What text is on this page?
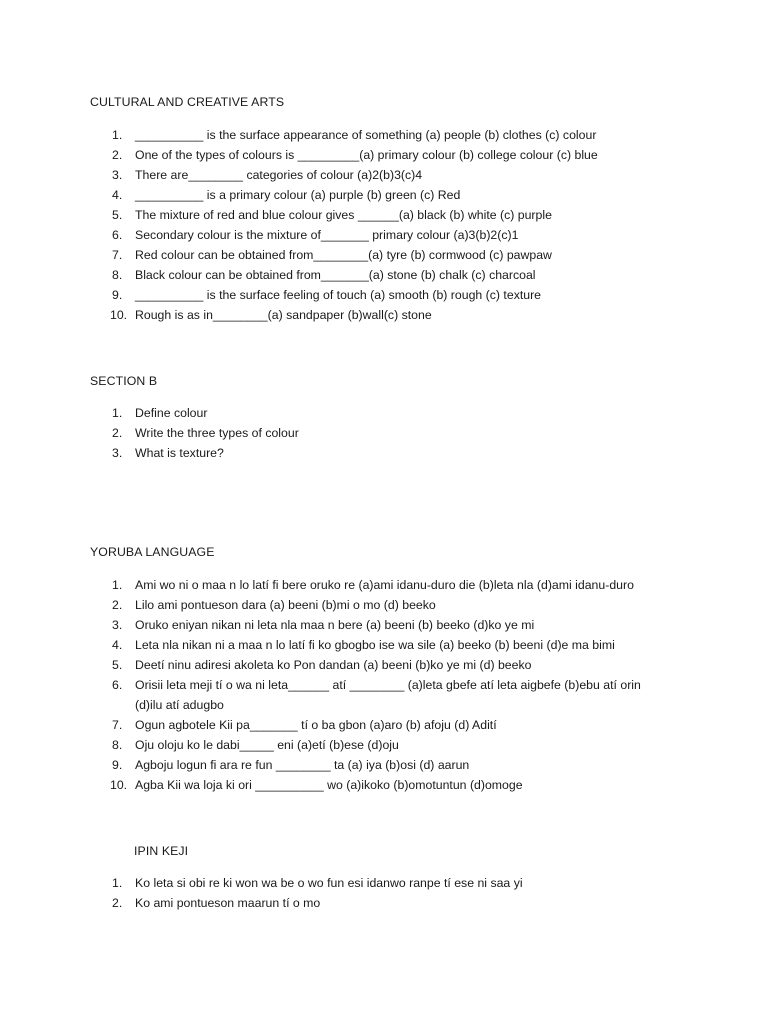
CULTURAL AND CREATIVE ARTS
1.	__________ is the surface appearance of something (a) people (b) clothes (c) colour
2.	One of the types of colours is _________(a) primary colour (b) college colour (c) blue
3.	There are________ categories of colour (a)2(b)3(c)4
4.	__________ is a primary colour (a) purple (b) green (c) Red
5.	The mixture of red and blue colour gives ______(a) black (b) white (c) purple
6.	Secondary colour is the mixture of_______ primary colour (a)3(b)2(c)1
7.	Red colour can be obtained from________(a) tyre (b) cormwood (c) pawpaw
8.	Black colour can be obtained from_______(a) stone (b) chalk (c) charcoal
9.	__________ is the surface feeling of touch (a) smooth (b) rough (c) texture
10. Rough is as in________(a) sandpaper (b)wall(c) stone
SECTION B
1.	Define colour
2.	Write the three types of colour
3.	What is texture?
YORUBA LANGUAGE
1.	Ami wo ni o maa n lo latí fi bere oruko re (a)ami idanu-duro die (b)leta nla (d)ami idanu-duro
2.	Lilo ami pontueson dara (a) beeni (b)mi o mo (d) beeko
3.	Oruko eniyan nikan ni leta nla maa n bere (a) beeni (b) beeko (d)ko ye mi
4.	Leta nla nikan ni a maa n lo latí fi ko gbogbo ise wa sile (a) beeko (b) beeni (d)e ma bimi
5.	Deetí ninu adiresi akoleta ko Pon dandan (a) beeni (b)ko ye mi (d) beeko
6.	Orisii leta meji tí o wa ni leta______ atí ________ (a)leta gbefe atí leta aigbefe (b)ebu atí orin
(d)ilu atí adugbo
7.	Ogun agbotele Kii pa_______ tí o ba gbon (a)aro (b) afoju (d) Adití
8.	Oju oloju ko le dabi_____ eni (a)etí (b)ese (d)oju
9.	Agboju logun fi ara re fun ________ ta (a) iya (b)osi (d) aarun
10. Agba Kii wa loja ki ori __________ wo (a)ikoko (b)omotuntun (d)omoge
IPIN KEJI
1.	Ko leta si obi re ki won wa be o wo fun esi idanwo ranpe tí ese ni saa yi
2.	Ko ami pontueson maarun tí o mo
